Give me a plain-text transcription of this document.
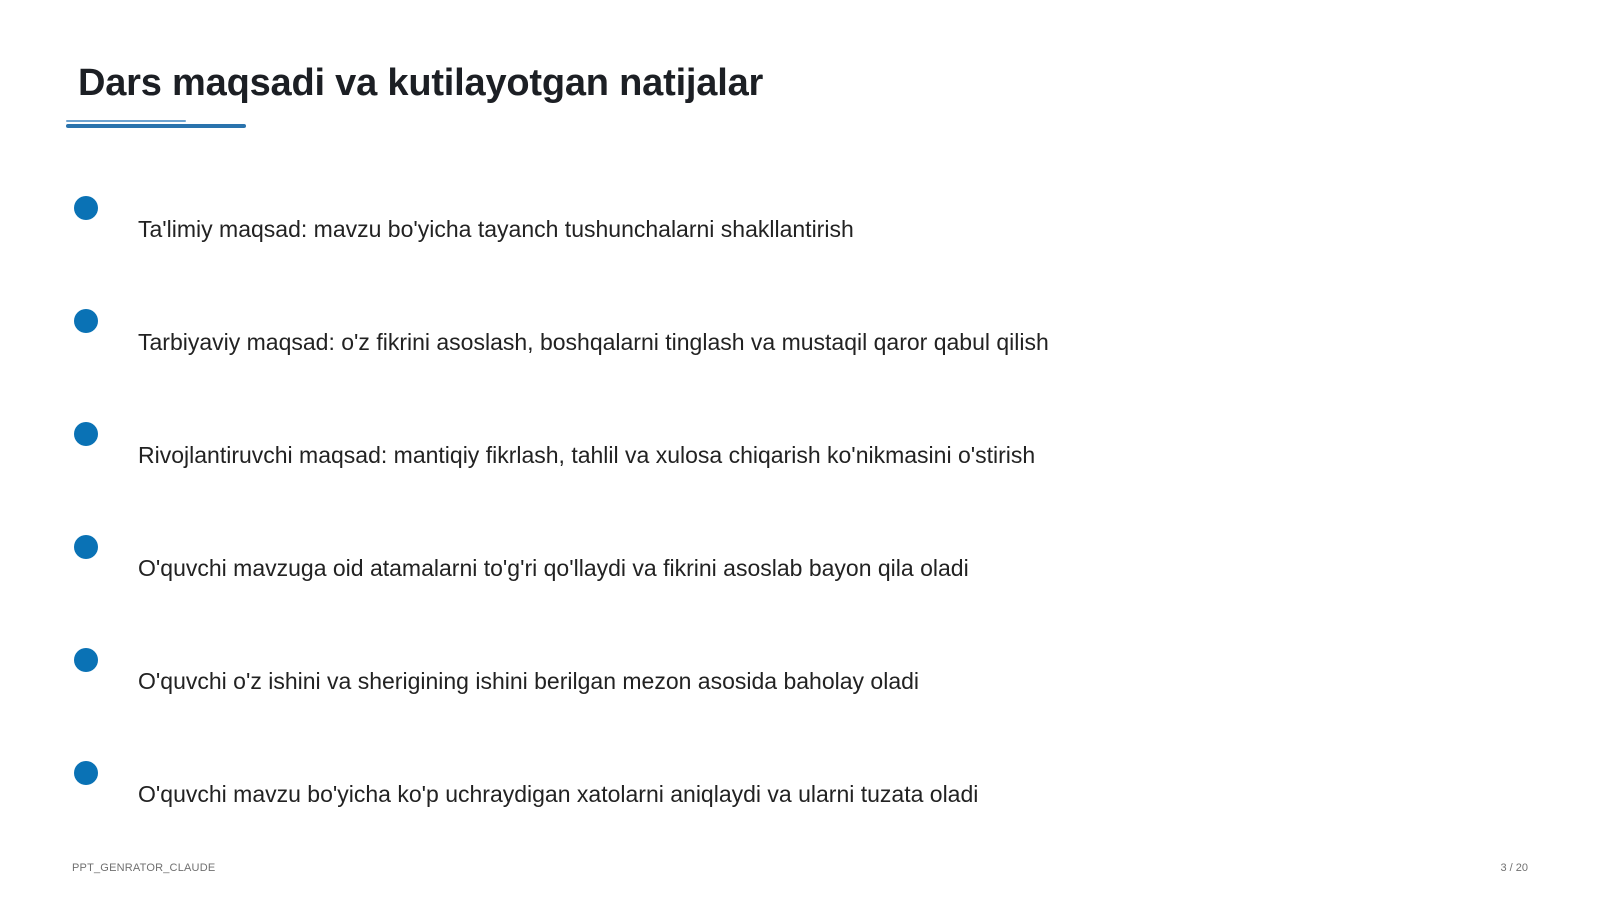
Dars maqsadi va kutilayotgan natijalar
Ta'limiy maqsad: mavzu bo'yicha tayanch tushunchalarni shakllantirish
Tarbiyaviy maqsad: o'z fikrini asoslash, boshqalarni tinglash va mustaqil qaror qabul qilish
Rivojlantiruvchi maqsad: mantiqiy fikrlash, tahlil va xulosa chiqarish ko'nikmasini o'stirish
O'quvchi mavzuga oid atamalarni to'g'ri qo'llaydi va fikrini asoslab bayon qila oladi
O'quvchi o'z ishini va sherigining ishini berilgan mezon asosida baholay oladi
O'quvchi mavzu bo'yicha ko'p uchraydigan xatolarni aniqlaydi va ularni tuzata oladi
PPT_GENRATOR_CLAUDE	3 / 20
